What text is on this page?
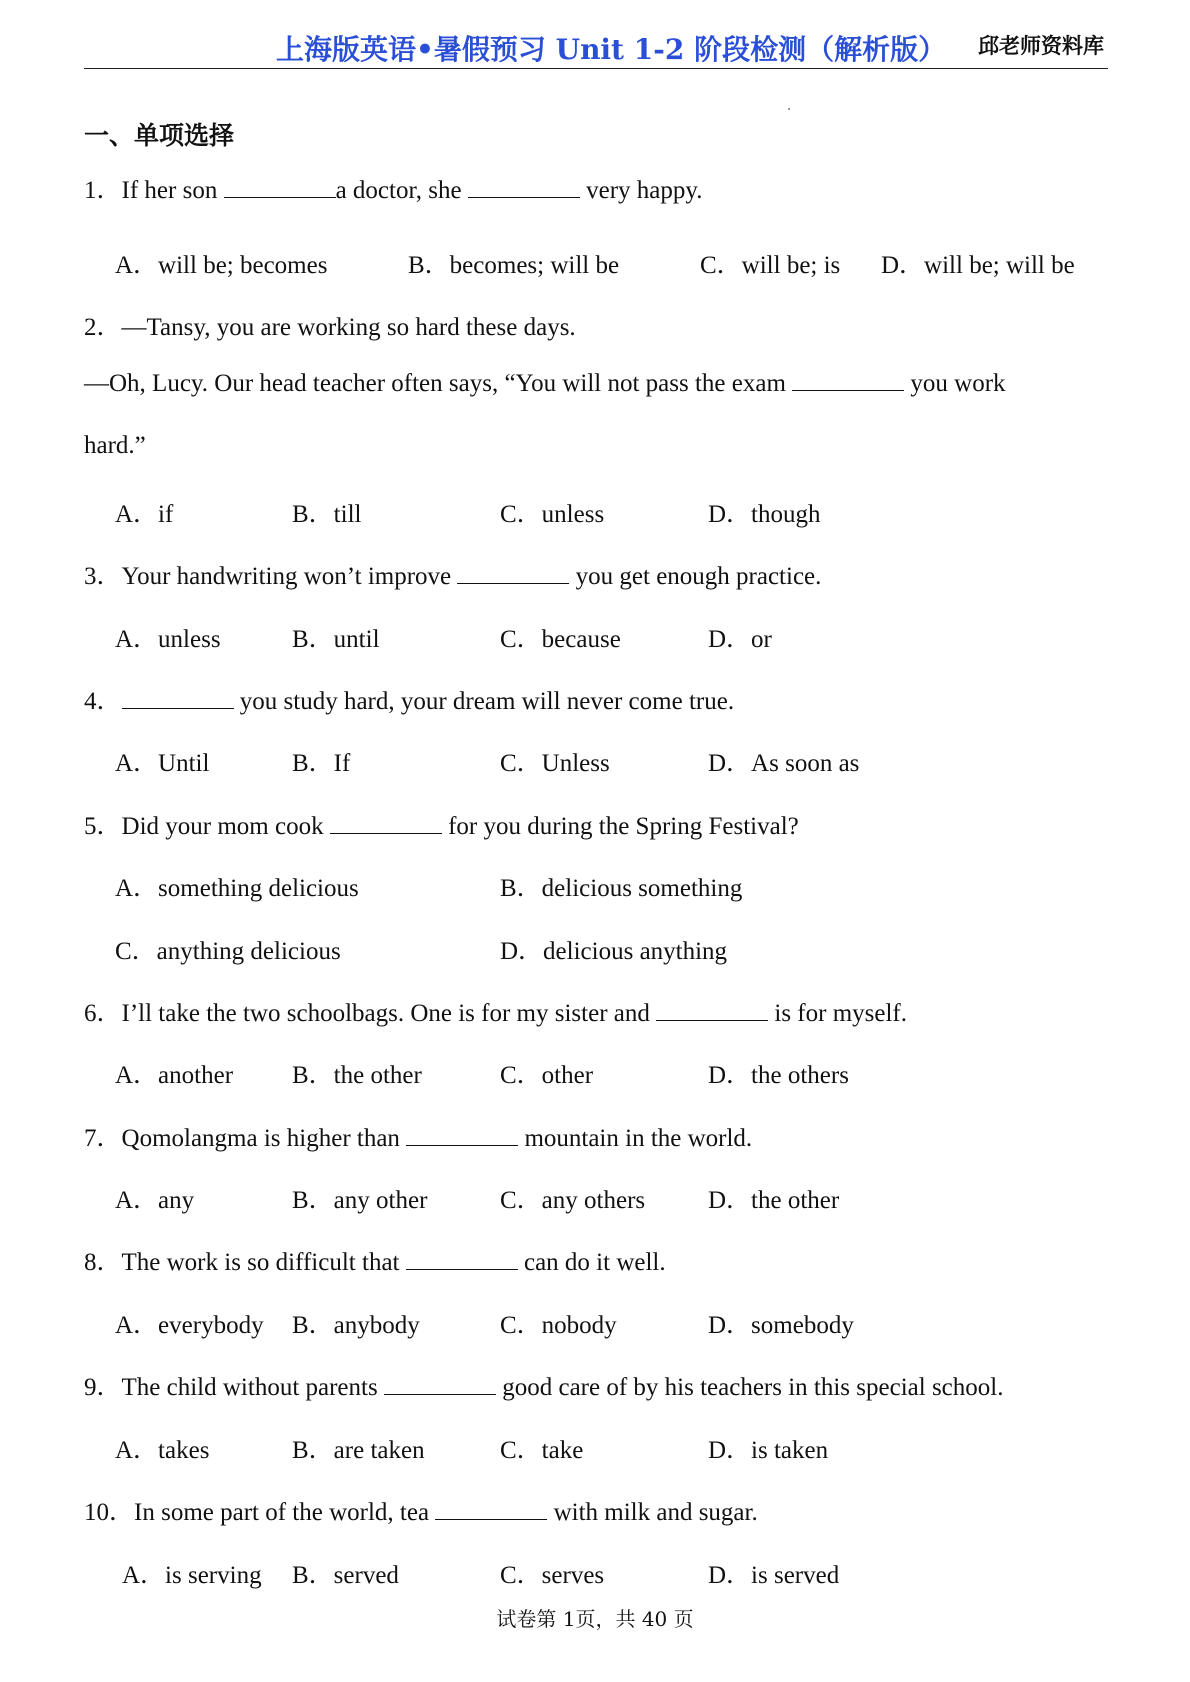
上海版英语•暑假预习 Unit 1-2 阶段检测（解析版） 邱老师资料库
一、单项选择
1．If her son	a doctor, she	very happy.
A．will be; becomes	B．becomes; will be	C．will be; is D．will be; will be
2．—Tansy, you are working so hard these days.
—Oh, Lucy. Our head teacher often says, “You will not pass the exam	you work
hard.”
A．if	B．till	C．unless	D．though
3．Your handwriting won’t improve	you get enough practice.
A．unless	B．until	C．because	D．or
4．	you study hard, your dream will never come true.
A．Until	B．If	C．Unless	D．As soon as
5．Did your mom cook	for you during the Spring Festival?
A．something delicious	B．delicious something
C．anything delicious	D．delicious anything
6．I’ll take the two schoolbags. One is for my sister and	is for myself.
A．another B．the other	C．other	D．the others
7．Qomolangma is higher than	mountain in the world.
A．any	B．any other	C．any others	D．the other
8．The work is so difficult that	can do it well.
A．everybody B．anybody	C．nobody	D．somebody
9．The child without parents	good care of by his teachers in this special school.
A．takes	B．are taken	C．take	D．is taken
10．In some part of the world, tea	with milk and sugar.
A．is serving B．served	C．serves	D．is served
试卷第 1页，共 40 页
